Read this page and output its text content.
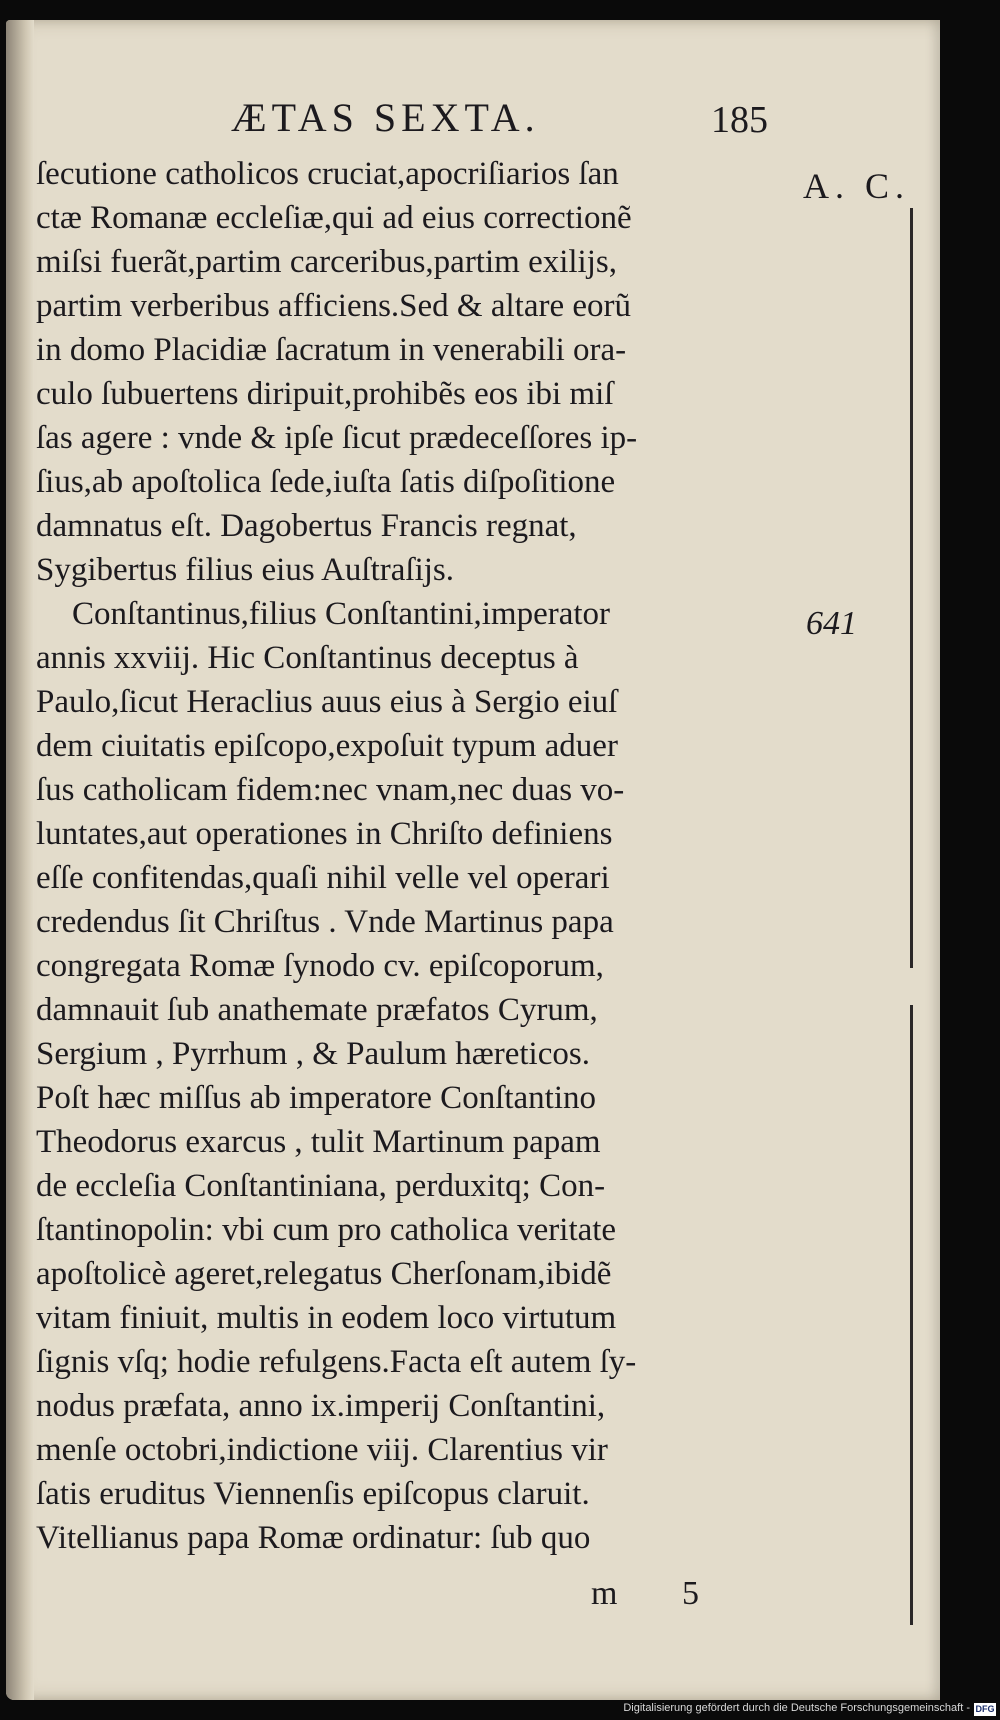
ÆTAS SEXTA.	185
A. C.
641
ſecutione catholicos cruciat,apocriſiarios ſan
ctæ Romanæ eccleſiæ,qui ad eius correctionẽ
miſsi fuerãt,partim carceribus,partim exilijs,
partim verberibus afficiens.Sed & altare eorũ
in domo Placidiæ ſacratum in venerabili ora-
culo ſubuertens diripuit,prohibẽs eos ibi miſ
ſas agere : vnde & ipſe ſicut prædeceſſores ip-
ſius,ab apoſtolica ſede,iuſta ſatis diſpoſitione
damnatus eſt. Dagobertus Francis regnat,
Sygibertus filius eius Auſtraſijs.
Conſtantinus,filius Conſtantini,imperator
annis xxviij. Hic Conſtantinus deceptus à
Paulo,ſicut Heraclius auus eius à Sergio eiuſ
dem ciuitatis epiſcopo,expoſuit typum aduer
ſus catholicam fidem:nec vnam,nec duas vo-
luntates,aut operationes in Chriſto definiens
eſſe confitendas,quaſi nihil velle vel operari
credendus ſit Chriſtus . Vnde Martinus papa
congregata Romæ ſynodo cv. epiſcoporum,
damnauit ſub anathemate præfatos Cyrum,
Sergium , Pyrrhum , & Paulum hæreticos.
Poſt hæc miſſus ab imperatore Conſtantino
Theodorus exarcus , tulit Martinum papam
de eccleſia Conſtantiniana, perduxitq; Con-
ſtantinopolin: vbi cum pro catholica veritate
apoſtolicè ageret,relegatus Cherſonam,ibidẽ
vitam finiuit, multis in eodem loco virtutum
ſignis vſq; hodie refulgens.Facta eſt autem ſy-
nodus præfata, anno ix.imperij Conſtantini,
menſe octobri,indictione viij. Clarentius vir
ſatis eruditus Viennenſis epiſcopus claruit.
Vitellianus papa Romæ ordinatur: ſub quo
m 5
Digitalisierung gefördert durch die Deutsche Forschungsgemeinschaft - DFG
